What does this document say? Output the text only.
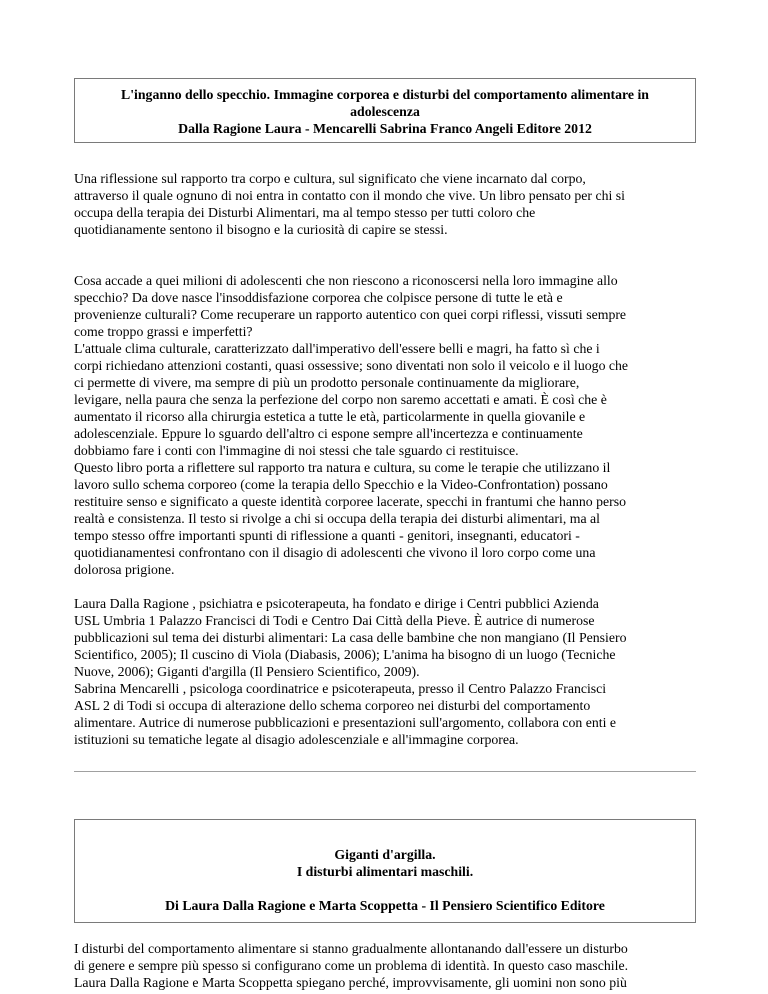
L'inganno dello specchio. Immagine corporea e disturbi del comportamento alimentare in
adolescenza
Dalla Ragione Laura - Mencarelli Sabrina Franco Angeli Editore 2012

Una riflessione sul rapporto tra corpo e cultura, sul significato che viene incarnato dal corpo,
attraverso il quale ognuno di noi entra in contatto con il mondo che vive. Un libro pensato per chi si
occupa della terapia dei Disturbi Alimentari, ma al tempo stesso per tutti coloro che
quotidianamente sentono il bisogno e la curiosità di capire se stessi.

Cosa accade a quei milioni di adolescenti che non riescono a riconoscersi nella loro immagine allo
specchio? Da dove nasce l'insoddisfazione corporea che colpisce persone di tutte le età e
provenienze culturali? Come recuperare un rapporto autentico con quei corpi riflessi, vissuti sempre
come troppo grassi e imperfetti?
L'attuale clima culturale, caratterizzato dall'imperativo dell'essere belli e magri, ha fatto sì che i
corpi richiedano attenzioni costanti, quasi ossessive; sono diventati non solo il veicolo e il luogo che
ci permette di vivere, ma sempre di più un prodotto personale continuamente da migliorare,
levigare, nella paura che senza la perfezione del corpo non saremo accettati e amati. È così che è
aumentato il ricorso alla chirurgia estetica a tutte le età, particolarmente in quella giovanile e
adolescenziale. Eppure lo sguardo dell'altro ci espone sempre all'incertezza e continuamente
dobbiamo fare i conti con l'immagine di noi stessi che tale sguardo ci restituisce.
Questo libro porta a riflettere sul rapporto tra natura e cultura, su come le terapie che utilizzano il
lavoro sullo schema corporeo (come la terapia dello Specchio e la Video-Confrontation) possano
restituire senso e significato a queste identità corporee lacerate, specchi in frantumi che hanno perso
realtà e consistenza. Il testo si rivolge a chi si occupa della terapia dei disturbi alimentari, ma al
tempo stesso offre importanti spunti di riflessione a quanti - genitori, insegnanti, educatori -
quotidianamentesi confrontano con il disagio di adolescenti che vivono il loro corpo come una
dolorosa prigione.

Laura Dalla Ragione , psichiatra e psicoterapeuta, ha fondato e dirige i Centri pubblici Azienda
USL Umbria 1 Palazzo Francisci di Todi e Centro Dai Città della Pieve. È autrice di numerose
pubblicazioni sul tema dei disturbi alimentari: La casa delle bambine che non mangiano (Il Pensiero
Scientifico, 2005); Il cuscino di Viola (Diabasis, 2006); L'anima ha bisogno di un luogo (Tecniche
Nuove, 2006); Giganti d'argilla (Il Pensiero Scientifico, 2009).
Sabrina Mencarelli , psicologa coordinatrice e psicoterapeuta, presso il Centro Palazzo Francisci
ASL 2 di Todi si occupa di alterazione dello schema corporeo nei disturbi del comportamento
alimentare. Autrice di numerose pubblicazioni e presentazioni sull'argomento, collabora con enti e
istituzioni su tematiche legate al disagio adolescenziale e all'immagine corporea.

Giganti d'argilla.
I disturbi alimentari maschili.
Di Laura Dalla Ragione e Marta Scoppetta - Il Pensiero Scientifico Editore

I disturbi del comportamento alimentare si stanno gradualmente allontanando dall'essere un disturbo
di genere e sempre più spesso si configurano come un problema di identità. In questo caso maschile.
Laura Dalla Ragione e Marta Scoppetta spiegano perché, improvvisamente, gli uomini non sono più
